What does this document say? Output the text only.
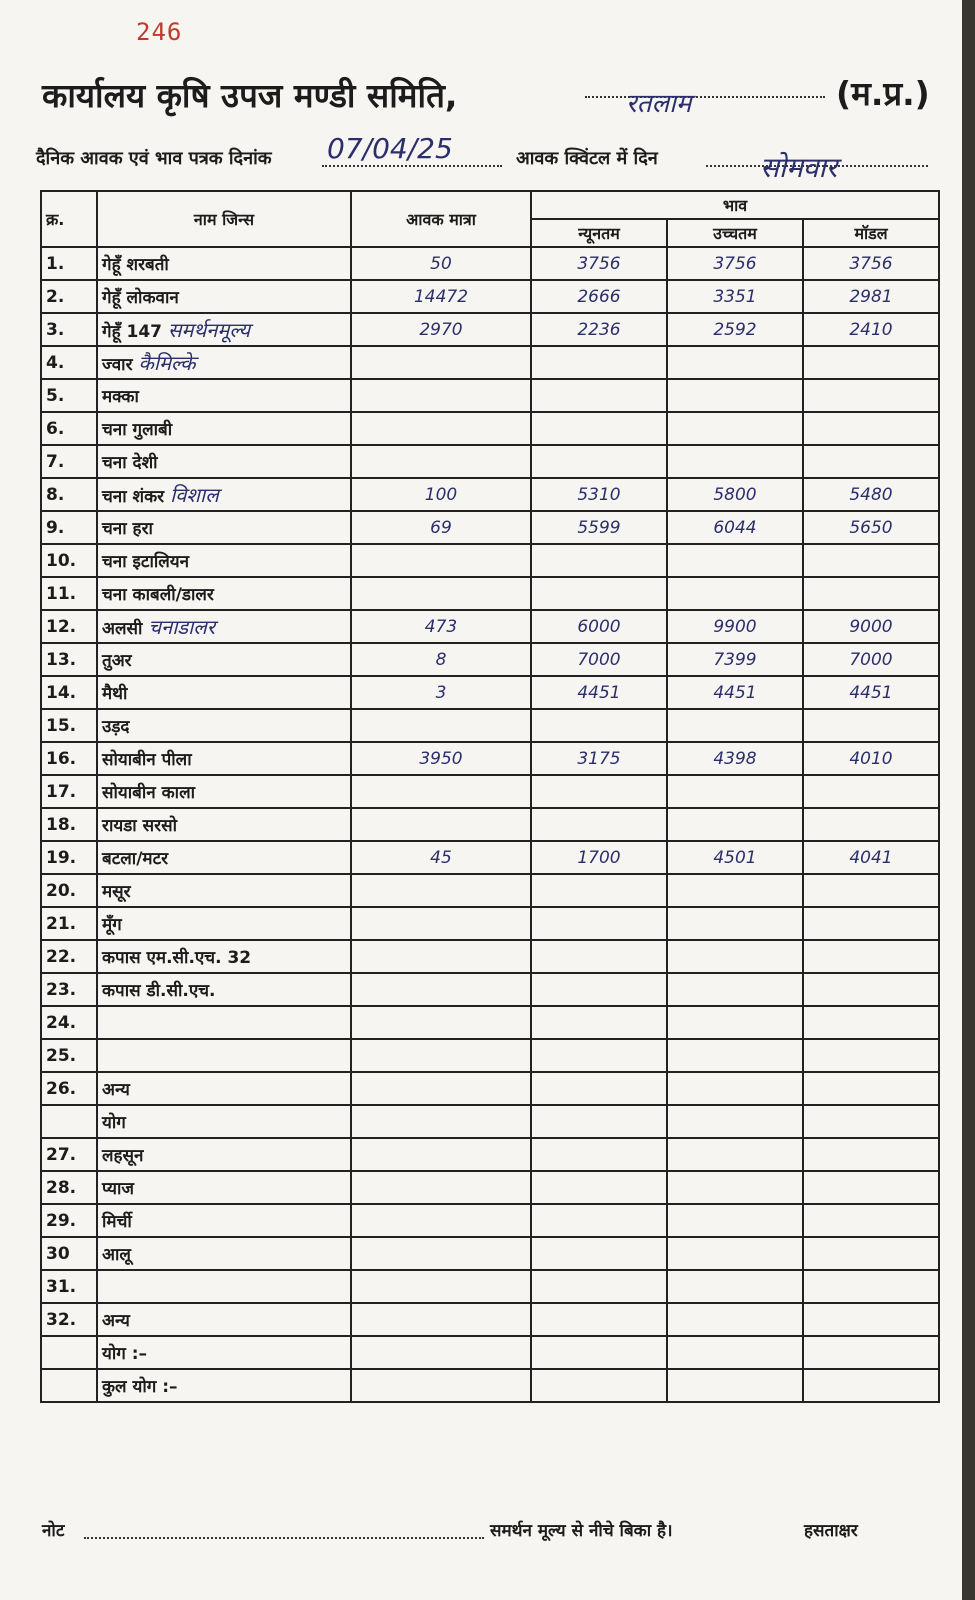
246
कार्यालय कृषि उपज मण्डी समिति,	रतलाम	(म.प्र.)
दैनिक आवक एवं भाव पत्रक दिनांक 07/04/25	आवक क्विंटल में दिन	सोमवार
क्र.	नाम जिन्स	आवक मात्रा	भाव		
			न्यूनतम	उच्चतम	मॉडल
1.	गेहूँ शरबती	50	3756	3756	3756
2.	गेहूँ लोकवान	14472	2666	3351	2981
3.	गेहूँ 147 समर्थनमूल्य	2970	2236	2592	2410
4.	ज्वार कैमिल्के				
5.	मक्का				
6.	चना गुलाबी				
7.	चना देशी				
8.	चना शंकर विशाल	100	5310	5800	5480
9.	चना हरा	69	5599	6044	5650
10.	चना इटालियन				
11.	चना काबली/डालर				
12.	अलसी चनाडालर	473	6000	9900	9000
13.	तुअर	8	7000	7399	7000
14.	मैथी	3	4451	4451	4451
15.	उड़द				
16.	सोयाबीन पीला	3950	3175	4398	4010
17.	सोयाबीन काला				
18.	रायडा सरसो				
19.	बटला/मटर	45	1700	4501	4041
20.	मसूर				
21.	मूँग				
22.	कपास एम.सी.एच. 32				
23.	कपास डी.सी.एच.				
24.					
25.					
26.	अन्य				
	योग				
27.	लहसून				
28.	प्याज				
29.	मिर्ची				
30	आलू				
31.					
32.	अन्य				
	योग :–				
	कुल योग :–				
नोट	समर्थन मूल्य से नीचे बिका है।	हसताक्षर
